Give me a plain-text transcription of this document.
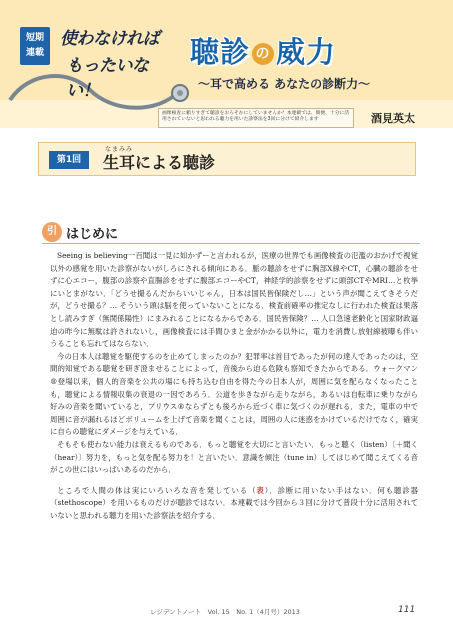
短期
連載
使わなければ
もったいない！
聴診 の 威力
〜耳で高める あなたの診断力〜
画像検査に頼りすぎて聴診をおろそかにしていませんか？本連載では、簡便、十分に活用されていないと思われる聴力を用いた診察法を3回に分けて紹介します	酒見英太
第1回
なまみみ
生耳による聴診
引 はじめに

Seeing is believing一百聞は一見に如かずーと言われるが，医療の世界でも画像検査の氾濫のおかげで視覚以外の感覚を用いた診察がないがしろにされる傾向にある．脈の聴診をせずに胸部X線やCT，心臓の聴診をせずに心エコー，腹部の診察や直腸診をせずに腹部エコーやCT，神経学的診察をせずに頭部CTやMRI…と枚挙にいとまがない．「どうせ撮るんだからいいじゃん，日本は国民皆保険だし…」という声が聞こえてきそうだが，どうせ撮る？… そういう頭は脳を使っていないことになる．検査前確率の推定なしに行われた検査は果落とし読みすぎ（無関係陽性）にまみれることになるからである．国民皆保険？… 人口急速老齢化と国家財政逼迫の昨今に無駄は許されないし，画像検査には手間ひまと金がかかる以外に，電力を消費し放射線被曝も伴いうることも忘れてはならない．

今の日本人は聴覚を駆使するのを止めてしまったのか？犯罪率は首目であったが何の達人であったのは，空間的知覚である聴覚を研ぎ澄ませることによって，音後から迫る危険も察知できたからである．ウォークマン®登場以来，個人的音楽を公共の場にも持ち込む自由を得た今の日本人が，周囲に気を配らなくなったことも，聴覚による情報収集の衰退の一因であろう．公道を歩きながら走りながら，あるいは自転車に乗りながら好みの音楽を聞いていると，プリウス®ならずとも後ろから近づく車に気づくのが遅れる．また，電車の中で周囲に音が漏れるほどボリュームを上げて音楽を聞くことは，周囲の人に迷惑をかけているだけでなく，確実に自らの聴覚にダメージを与えている．

そもそも使わない能力は衰えるものである．もっと聴覚を大切にと言いたい．もっと聴く（listen）〔＋聞く（hear）〕努力を，もっと気を配る努力を！と言いたい．意識を傾注（tune in）してはじめて聞こえてくる音がこの世にはいっぱいあるのだから．

ところで人間の体は実にいろいろな音を発している（表）．診断に用いない手はない．何も聴診器（stethoscope）を用いるものだけが聴診ではない．本連載では今回から３回に分けて普段十分に活用されていないと思われる聴力を用いた診察法を紹介する．

レジデントノート　Vol. 15　No. 1（4月号）2013	111
